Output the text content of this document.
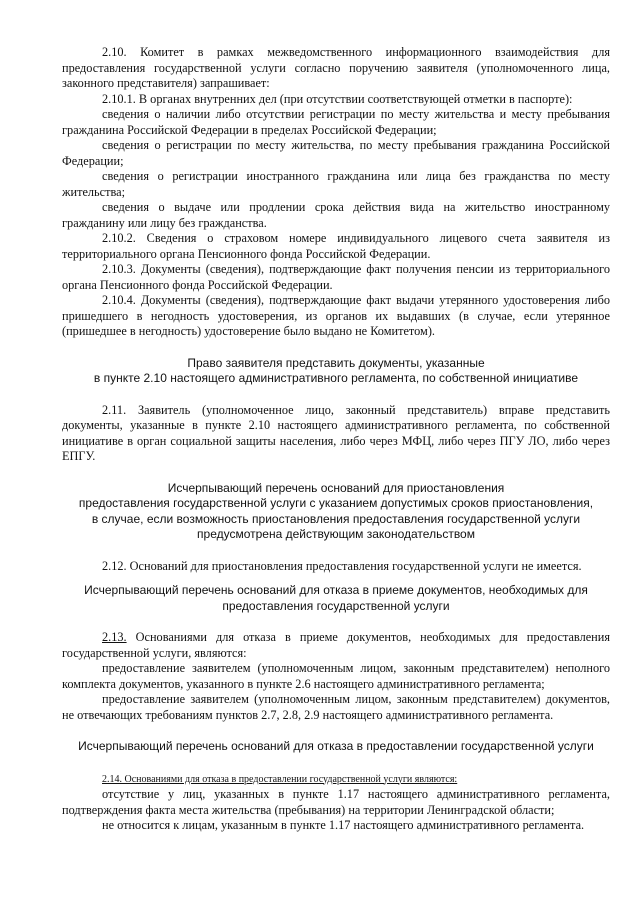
2.10. Комитет в рамках межведомственного информационного взаимодействия для предоставления государственной услуги согласно поручению заявителя (уполномоченного лица, законного представителя) запрашивает:

2.10.1. В органах внутренних дел (при отсутствии соответствующей отметки в паспорте):

сведения о наличии либо отсутствии регистрации по месту жительства и месту пребывания гражданина Российской Федерации в пределах Российской Федерации;

сведения о регистрации по месту жительства, по месту пребывания гражданина Российской Федерации;

сведения о регистрации иностранного гражданина или лица без гражданства по месту жительства;

сведения о выдаче или продлении срока действия вида на жительство иностранному гражданину или лицу без гражданства.

2.10.2. Сведения о страховом номере индивидуального лицевого счета заявителя из территориального органа Пенсионного фонда Российской Федерации.

2.10.3. Документы (сведения), подтверждающие факт получения пенсии из территориального органа Пенсионного фонда Российской Федерации.

2.10.4. Документы (сведения), подтверждающие факт выдачи утерянного удостоверения либо пришедшего в негодность удостоверения, из органов их выдавших (в случае, если утерянное (пришедшее в негодность) удостоверение было выдано не Комитетом).

Право заявителя представить документы, указанные

в пункте 2.10 настоящего административного регламента, по собственной инициативе

2.11. Заявитель (уполномоченное лицо, законный представитель) вправе представить документы, указанные в пункте 2.10 настоящего административного регламента, по собственной инициативе в орган социальной защиты населения, либо через МФЦ, либо через ПГУ ЛО, либо через ЕПГУ.

Исчерпывающий перечень оснований для приостановления

предоставления государственной услуги с указанием допустимых сроков приостановления,

в случае, если возможность приостановления предоставления государственной услуги

предусмотрена действующим законодательством

2.12. Оснований для приостановления предоставления государственной услуги не имеется.

Исчерпывающий перечень оснований для отказа в приеме документов, необходимых для

предоставления государственной услуги

2.13. Основаниями для отказа в приеме документов, необходимых для предоставления государственной услуги, являются:

предоставление заявителем (уполномоченным лицом, законным представителем) неполного комплекта документов, указанного в пункте 2.6 настоящего административного регламента;

предоставление заявителем (уполномоченным лицом, законным представителем) документов, не отвечающих требованиям пунктов 2.7, 2.8, 2.9 настоящего административного регламента.

Исчерпывающий перечень оснований для отказа в предоставлении государственной услуги

2.14. Основаниями для отказа в предоставлении государственной услуги являются:

отсутствие у лиц, указанных в пункте 1.17 настоящего административного регламента, подтверждения факта места жительства (пребывания) на территории Ленинградской области;

не относится к лицам, указанным в пункте 1.17 настоящего административного регламента.
